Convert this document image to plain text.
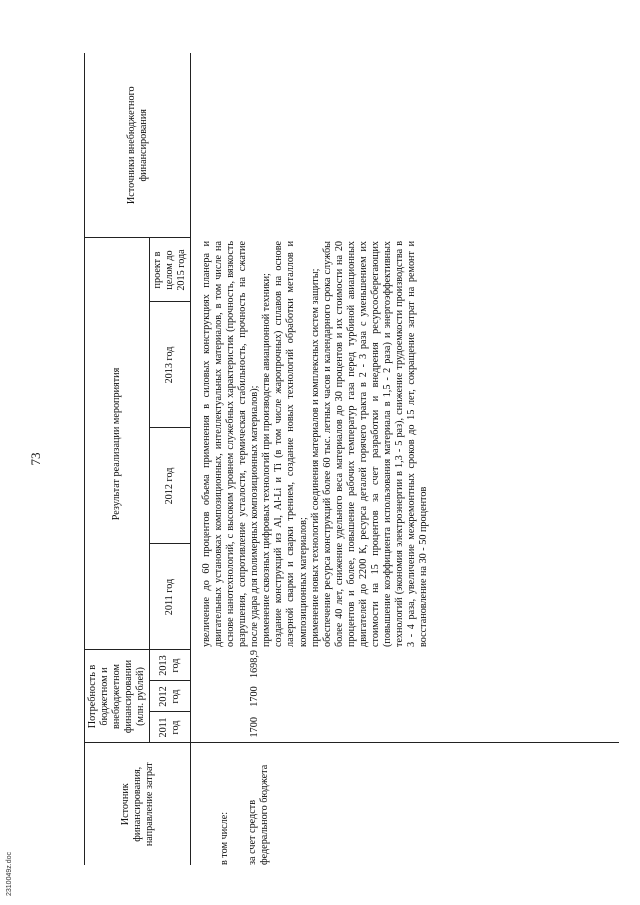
73
Источник финансирования, направление затрат	Потребность в бюджетном и внебюджетном финансировании (млн. рублей)			Результат реализации мероприятия				Источники внебюджетного финансирования
	2011 год	2012 год	2013 год	2011 год	2012 год	2013 год	проект в целом до 2015 года	

в том числе: за счет средств федерального бюджета	1700	1700	1698,9	увеличение до 60 процентов объема применения в силовых конструкциях планера и двигательных установках композиционных, интеллектуальных материалов, в том числе на основе нанотехнологий, с высоким уровнем служебных характеристик (прочность, вязкость разрушения, сопротивление усталости, термическая стабильность, прочность на сжатие после удара для полимерных композиционных материалов); применение сквозных цифровых технологий при производстве авиационной техники; создание конструкций из Al, Al-Li и Ti (в том числе жаропрочных) сплавов на основе лазерной сварки и сварки трением, создание новых технологий обработки металлов и композиционных материалов; применение новых технологий соединения материалов и комплексных систем защиты; обеспечение ресурса конструкций более 60 тыс. летных часов и календарного срока службы более 40 лет, снижение удельного веса материалов до 30 процентов и их стоимости на 20 процентов и более, повышение рабочих температур газа перед турбиной авиационных двигателей до 2200 К, ресурса деталей горячего тракта в 2 - 3 раза с уменьшением их стоимости на 15 процентов за счет разработки и внедрения ресурсосберегающих (повышение коэффициента использования материала в 1,5 - 2 раза) и энергоэффективных технологий (экономия электроэнергии в 1,3 - 5 раз), снижение трудоемкости производства в 3 - 4 раза, увеличение межремонтных сроков до 15 лет, сокращение затрат на ремонт и восстановление на 30 - 50 процентов				

2310049z.doc
